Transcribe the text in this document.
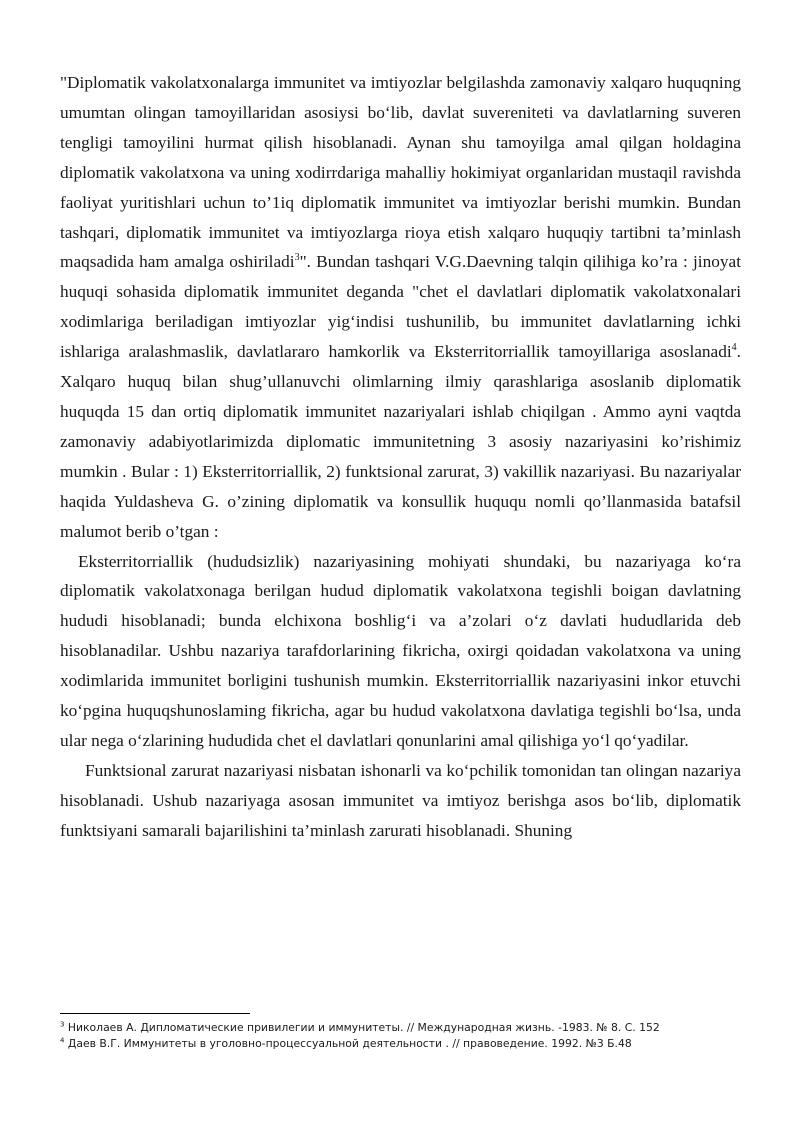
"Diplomatik vakolatxonalarga immunitet va imtiyozlar belgilashda zamonaviy xalqaro huquqning umumtan olingan tamoyillaridan asosiysi bo‘lib, davlat suvereniteti va davlatlarning suveren tengligi tamoyilini hurmat qilish hisoblanadi. Aynan shu tamoyilga amal qilgan holdagina diplomatik vakolatxona va uning xodirrdariga mahalliy hokimiyat organlaridan mustaqil ravishda faoliyat yuritishlari uchun to’1iq diplomatik immunitet va imtiyozlar berishi mumkin. Bundan tashqari, diplomatik immunitet va imtiyozlarga rioya etish xalqaro huquqiy tartibni ta’minlash maqsadida ham amalga oshiriladi$^3$". Bundan tashqari V.G.Daevning talqin qilihiga ko’ra : jinoyat huquqi sohasida diplomatik immunitet deganda "chet el davlatlari diplomatik vakolatxonalari xodimlariga beriladigan imtiyozlar yig‘indisi tushunilib, bu immunitet davlatlarning ichki ishlariga aralashmaslik, davlatlararo hamkorlik va Eksterritorriallik tamoyillariga asoslanadi$^4$. Xalqaro huquq bilan shug’ullanuvchi olimlarning ilmiy qarashlariga asoslanib diplomatik huquqda 15 dan ortiq diplomatik immunitet nazariyalari ishlab chiqilgan . Ammo ayni vaqtda zamonaviy adabiyotlarimizda diplomatic immunitetning 3 asosiy nazariyasini ko’rishimiz mumkin . Bular : 1) Eksterritorriallik, 2) funktsional zarurat, 3) vakillik nazariyasi. Bu nazariyalar haqida Yuldasheva G. o’zining diplomatik va konsullik huququ nomli qo’llanmasida batafsil malumot berib o’tgan :

Eksterritorriallik (hududsizlik) nazariyasining mohiyati shundaki, bu nazariyaga ko‘ra diplomatik vakolatxonaga berilgan hudud diplomatik vakolatxona tegishli boigan davlatning hududi hisoblanadi; bunda elchixona boshlig‘i va a’zolari o‘z davlati hududlarida deb hisoblanadilar. Ushbu nazariya tarafdorlarining fikricha, oxirgi qoidadan vakolatxona va uning xodimlarida immunitet borligini tushunish mumkin. Eksterritorriallik nazariyasini inkor etuvchi ko‘pgina huquqshunoslaming fikricha, agar bu hudud vakolatxona davlatiga tegishli bo‘lsa, unda ular nega o‘zlarining hududida chet el davlatlari qonunlarini amal qilishiga yo‘l qo‘yadilar.

Funktsional zarurat nazariyasi nisbatan ishonarli va ko‘pchilik tomonidan tan olingan nazariya hisoblanadi. Ushub nazariyaga asosan immunitet va imtiyoz berishga asos bo‘lib, diplomatik funktsiyani samarali bajarilishini ta’minlash zarurati hisoblanadi. Shuning

$^3$ Николаев А. Дипломатические привилегии и иммунитеты. // Международная жизнь. -1983. № 8. С. 152

$^4$ Даев В.Г. Иммунитеты в уголовно-процессуальной деятельности . // правоведение. 1992. №3 Б.48
